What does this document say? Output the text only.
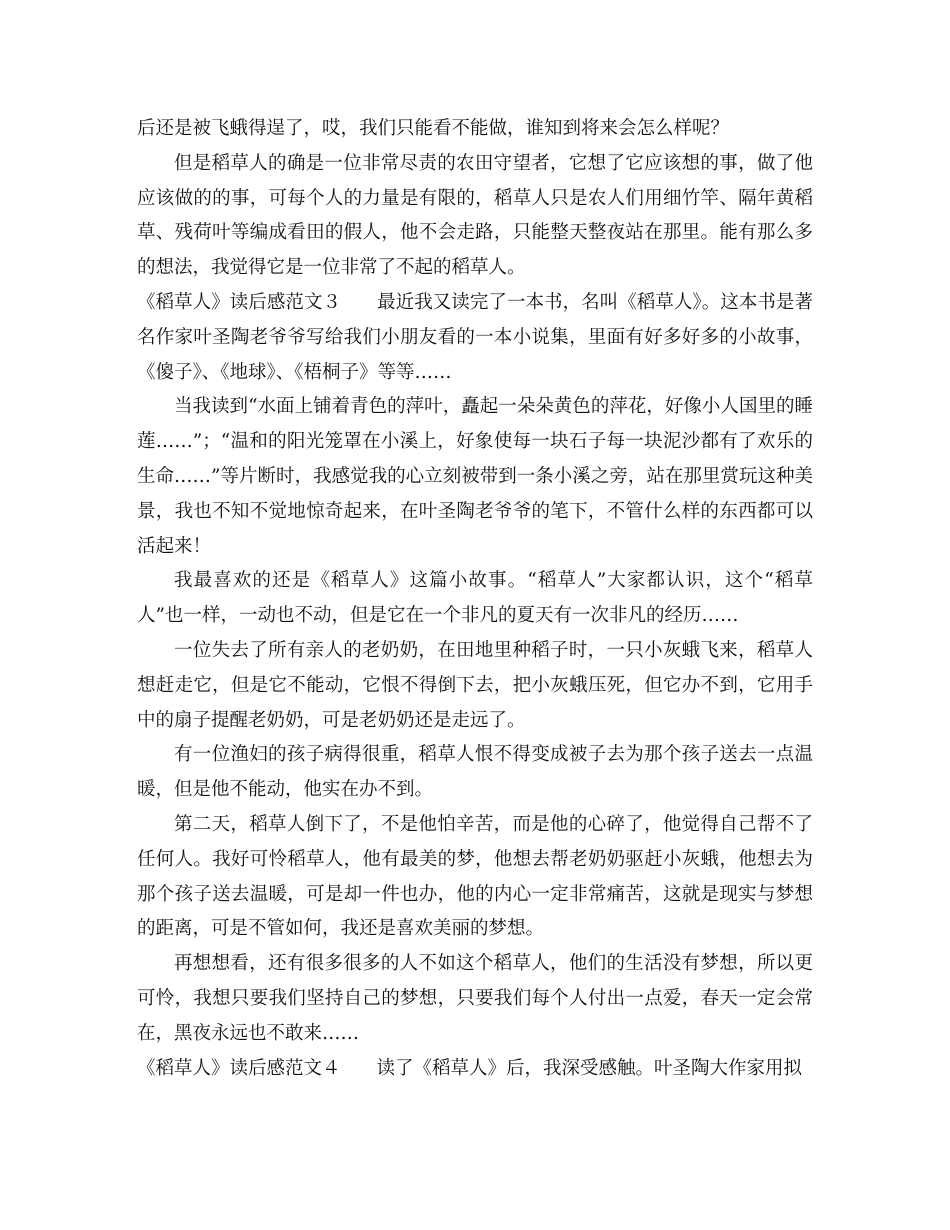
后还是被飞蛾得逞了，哎，我们只能看不能做，谁知到将来会怎么样呢？

但是稻草人的确是一位非常尽责的农田守望者，它想了它应该想的事，做了他应该做的的事，可每个人的力量是有限的，稻草人只是农人们用细竹竿、隔年黄稻草、残荷叶等编成看田的假人，他不会走路，只能整天整夜站在那里。能有那么多的想法，我觉得它是一位非常了不起的稻草人。

《稻草人》读后感范文３ 最近我又读完了一本书，名叫《稻草人》。这本书是著名作家叶圣陶老爷爷写给我们小朋友看的一本小说集，里面有好多好多的小故事，《傻子》、《地球》、《梧桐子》等等……

当我读到“水面上铺着青色的萍叶，矗起一朵朵黄色的萍花，好像小人国里的睡莲……”；“温和的阳光笼罩在小溪上，好象使每一块石子每一块泥沙都有了欢乐的生命……”等片断时，我感觉我的心立刻被带到一条小溪之旁，站在那里赏玩这种美景，我也不知不觉地惊奇起来，在叶圣陶老爷爷的笔下，不管什么样的东西都可以活起来！

我最喜欢的还是《稻草人》这篇小故事。“稻草人”大家都认识，这个“稻草人”也一样，一动也不动，但是它在一个非凡的夏天有一次非凡的经历……

一位失去了所有亲人的老奶奶，在田地里种稻子时，一只小灰蛾飞来，稻草人想赶走它，但是它不能动，它恨不得倒下去，把小灰蛾压死，但它办不到，它用手中的扇子提醒老奶奶，可是老奶奶还是走远了。

有一位渔妇的孩子病得很重，稻草人恨不得变成被子去为那个孩子送去一点温暖，但是他不能动，他实在办不到。

第二天，稻草人倒下了，不是他怕辛苦，而是他的心碎了，他觉得自己帮不了任何人。我好可怜稻草人，他有最美的梦，他想去帮老奶奶驱赶小灰蛾，他想去为那个孩子送去温暖，可是却一件也办，他的内心一定非常痛苦，这就是现实与梦想的距离，可是不管如何，我还是喜欢美丽的梦想。

再想想看，还有很多很多的人不如这个稻草人，他们的生活没有梦想，所以更可怜，我想只要我们坚持自己的梦想，只要我们每个人付出一点爱，春天一定会常在，黑夜永远也不敢来……

《稻草人》读后感范文４ 读了《稻草人》后，我深受感触。叶圣陶大作家用拟
